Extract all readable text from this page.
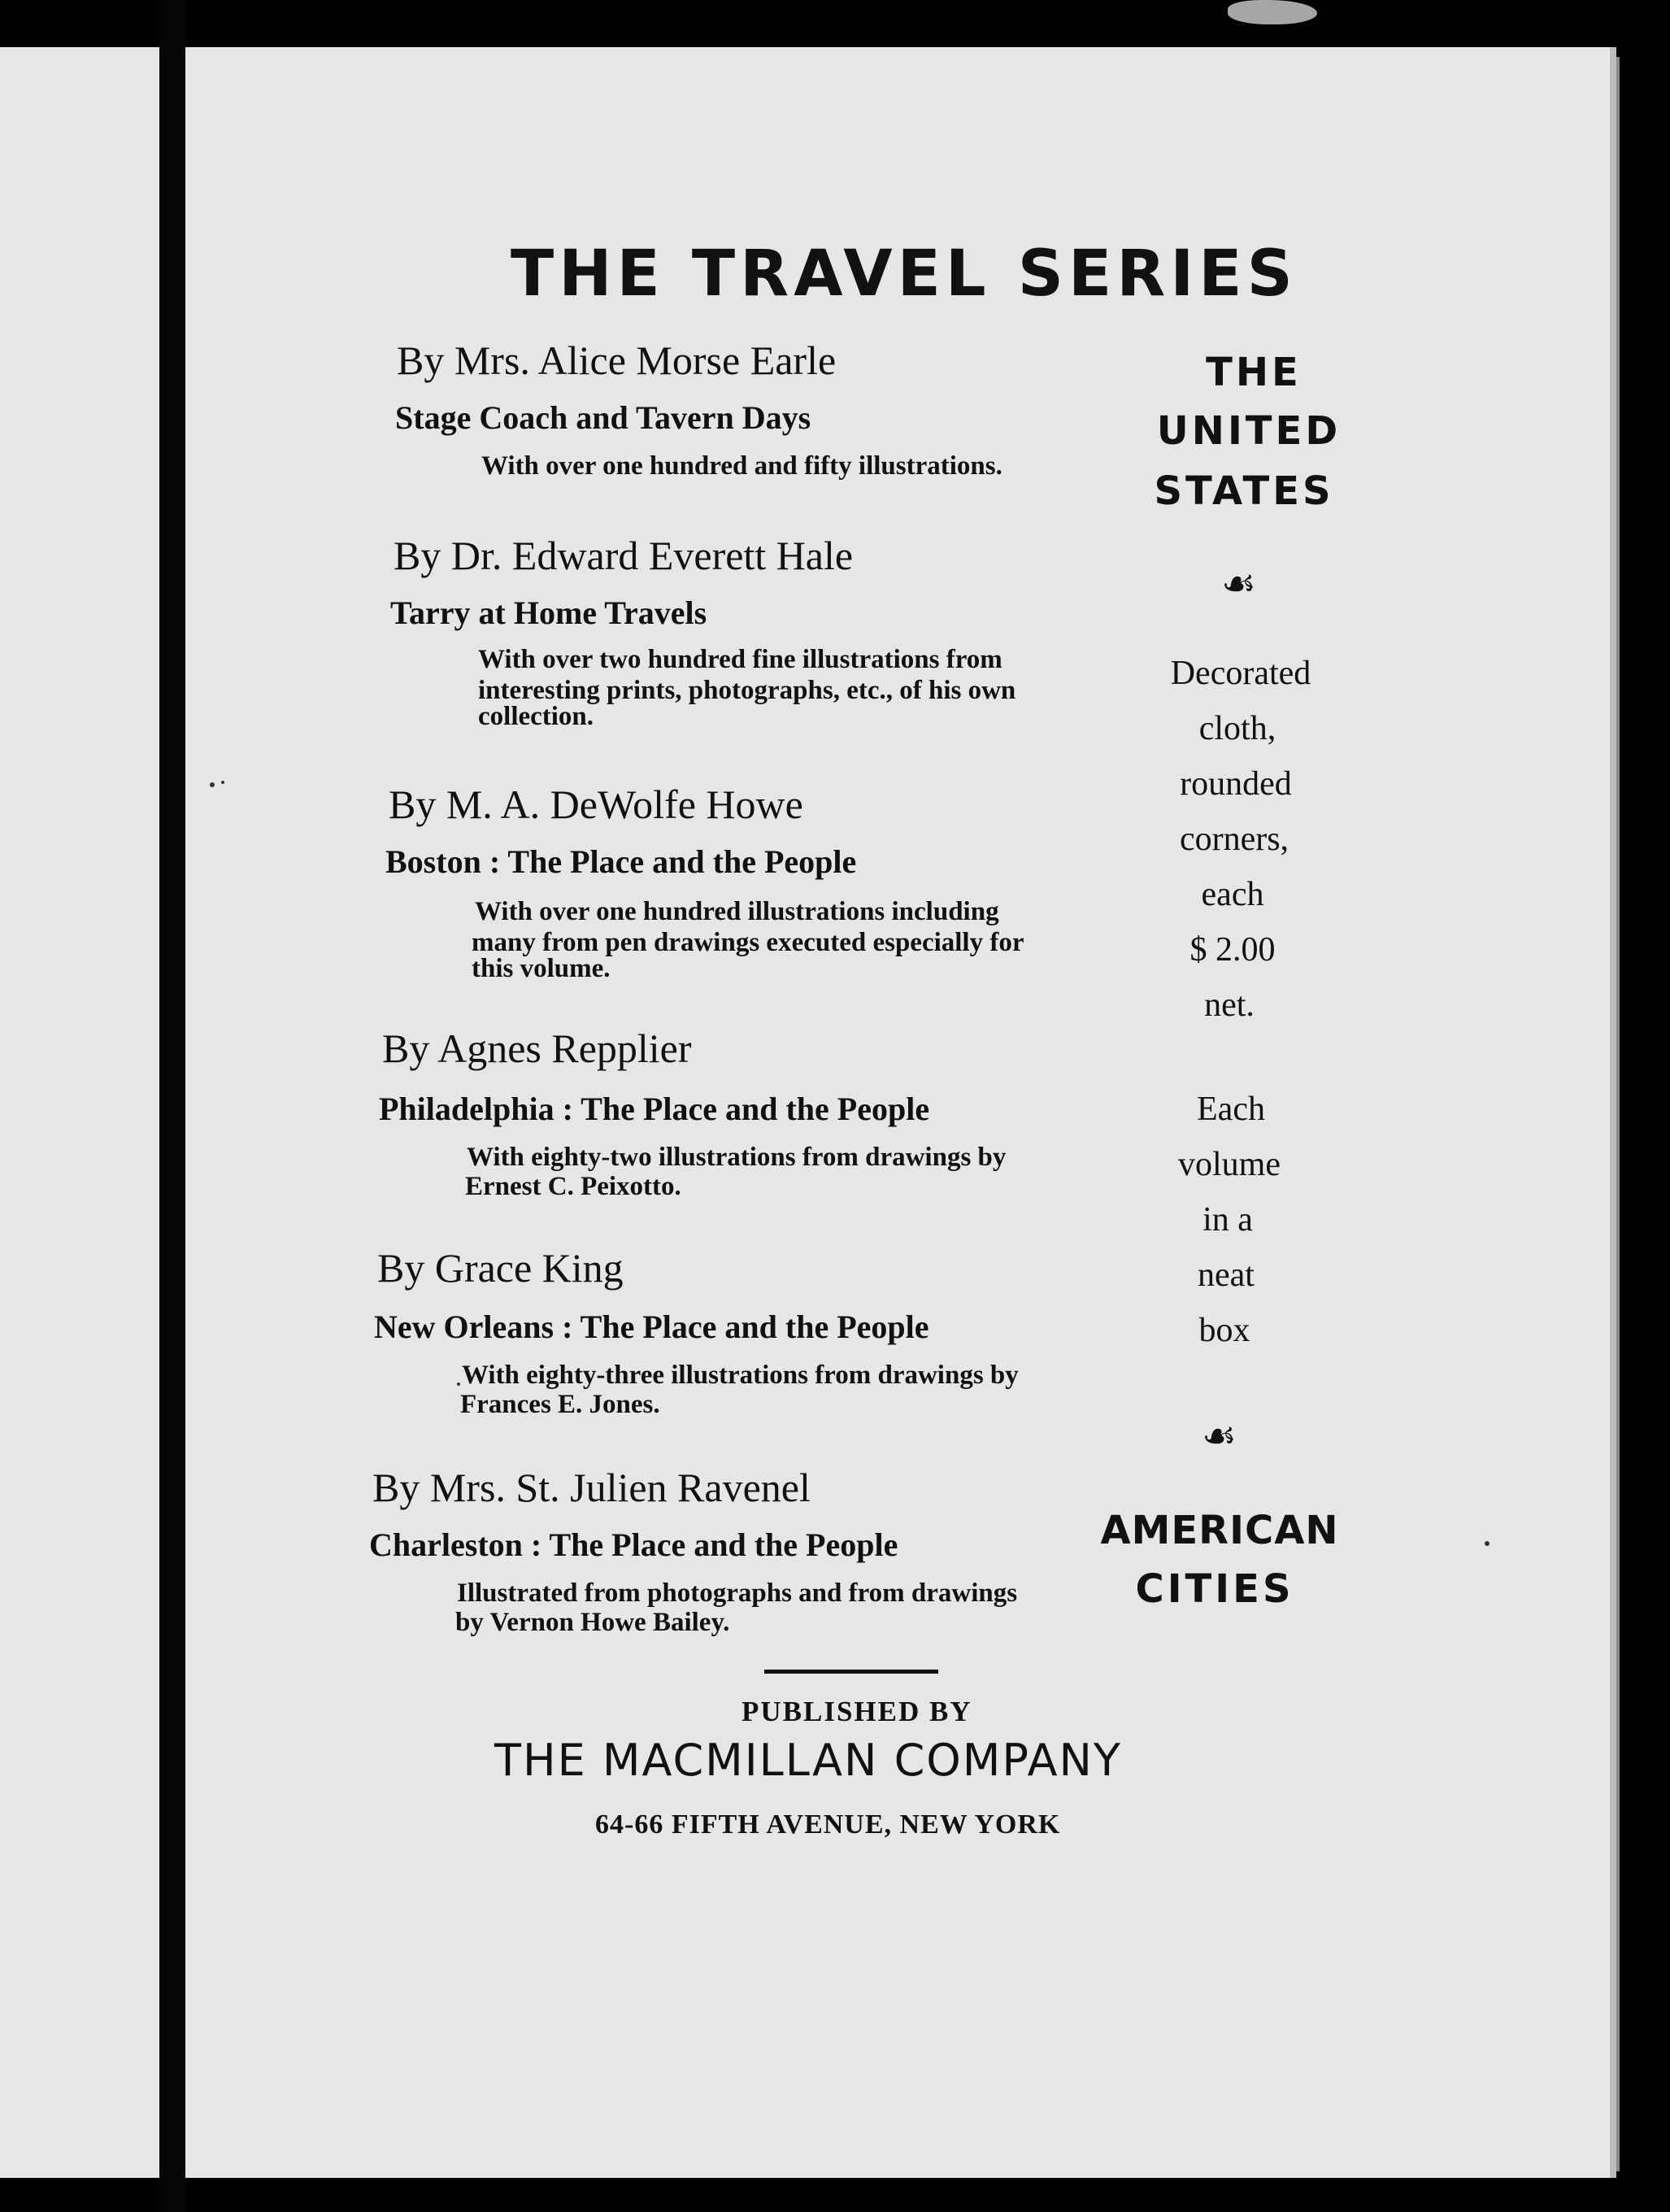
THE TRAVEL SERIES
By Mrs. Alice Morse Earle
Stage Coach and Tavern Days
With over one hundred and fifty illustrations.
By Dr. Edward Everett Hale
Tarry at Home Travels
With over two hundred fine illustrations from
interesting prints, photographs, etc., of his own
collection.
By M. A. DeWolfe Howe
Boston : The Place and the People
With over one hundred illustrations including
many from pen drawings executed especially for
this volume.
By Agnes Repplier
Philadelphia : The Place and the People
With eighty-two illustrations from drawings by
Ernest C. Peixotto.
By Grace King
New Orleans : The Place and the People
With eighty-three illustrations from drawings by
Frances E. Jones.
By Mrs. St. Julien Ravenel
Charleston : The Place and the People
Illustrated from photographs and from drawings
by Vernon Howe Bailey.
THE
UNITED
STATES
☙
Decorated
cloth,
rounded
corners,
each
$ 2.00
net.
Each
volume
in a
neat
box
☙
AMERICAN
CITIES
PUBLISHED BY
THE MACMILLAN COMPANY
64-66 FIFTH AVENUE, NEW YORK
